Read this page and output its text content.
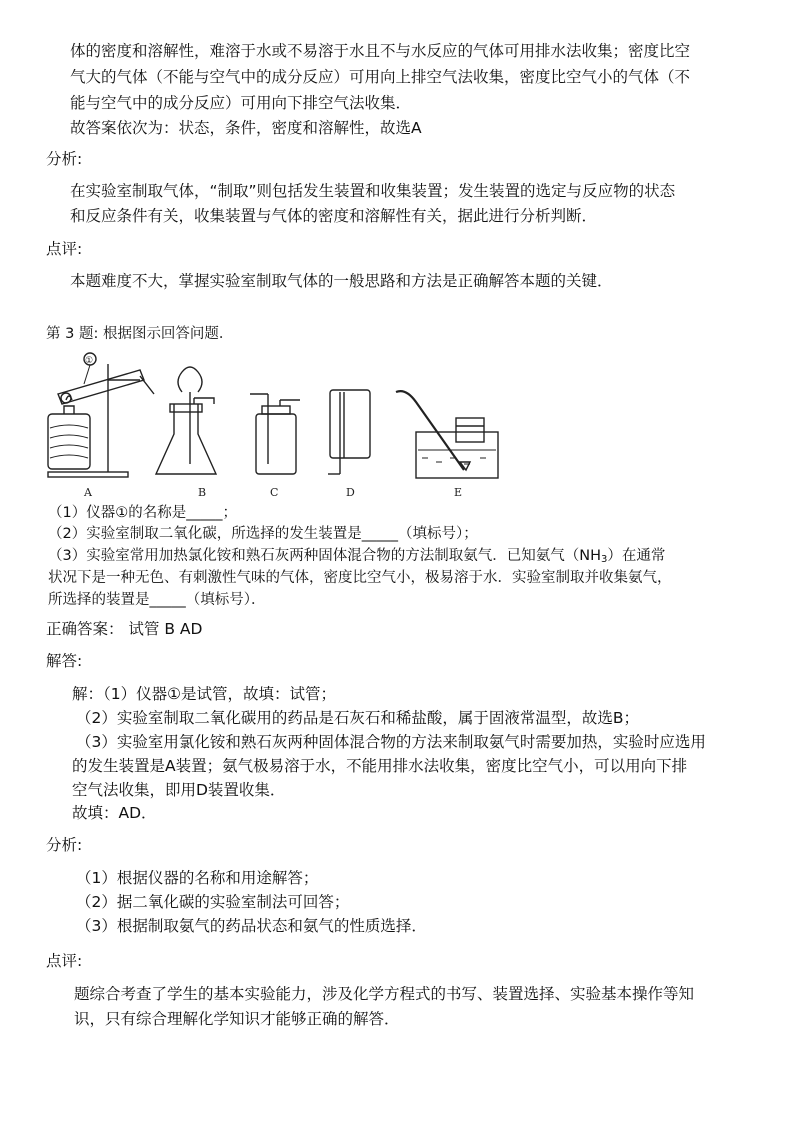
体的密度和溶解性，难溶于水或不易溶于水且不与水反应的气体可用排水法收集；密度比空
气大的气体（不能与空气中的成分反应）可用向上排空气法收集，密度比空气小的气体（不
能与空气中的成分反应）可用向下排空气法收集．
故答案依次为：状态，条件，密度和溶解性，故选A
分析:
在实验室制取气体，“制取”则包括发生装置和收集装置；发生装置的选定与反应物的状态
和反应条件有关，收集装置与气体的密度和溶解性有关，据此进行分析判断．
点评:
本题难度不大，掌握实验室制取气体的一般思路和方法是正确解答本题的关键．
第 3 题: 根据图示回答问题．
A	B	C	D	E
①
（1）仪器①的名称是_____；
（2）实验室制取二氧化碳，所选择的发生装置是_____（填标号）；
（3）实验室常用加热氯化铵和熟石灰两种固体混合物的方法制取氨气．已知氨气$(NH_3)$在通常
状况下是一种无色、有刺激性气味的气体，密度比空气小，极易溶于水．实验室制取并收集氨气，
所选择的装置是_____（填标号）．
正确答案： 试管 B AD
解答:
解：（1）仪器①是试管，故填：试管；
（2）实验室制取二氧化碳用的药品是石灰石和稀盐酸，属于固液常温型，故选B；
（3）实验室用氯化铵和熟石灰两种固体混合物的方法来制取氨气时需要加热，实验时应选用
的发生装置是A装置；氨气极易溶于水，不能用排水法收集，密度比空气小，可以用向下排
空气法收集，即用D装置收集．
故填：AD．
分析:
（1）根据仪器的名称和用途解答；
（2）据二氧化碳的实验室制法可回答；
（3）根据制取氨气的药品状态和氨气的性质选择．
点评:
题综合考查了学生的基本实验能力，涉及化学方程式的书写、装置选择、实验基本操作等知
识，只有综合理解化学知识才能够正确的解答．
